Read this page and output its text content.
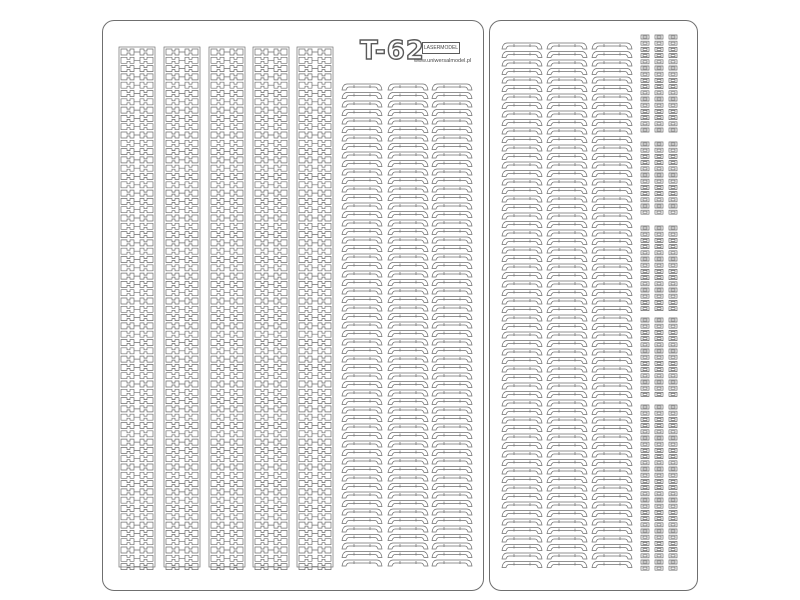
T-62 LASERMODEL
www.uniwersalmodel.pl
